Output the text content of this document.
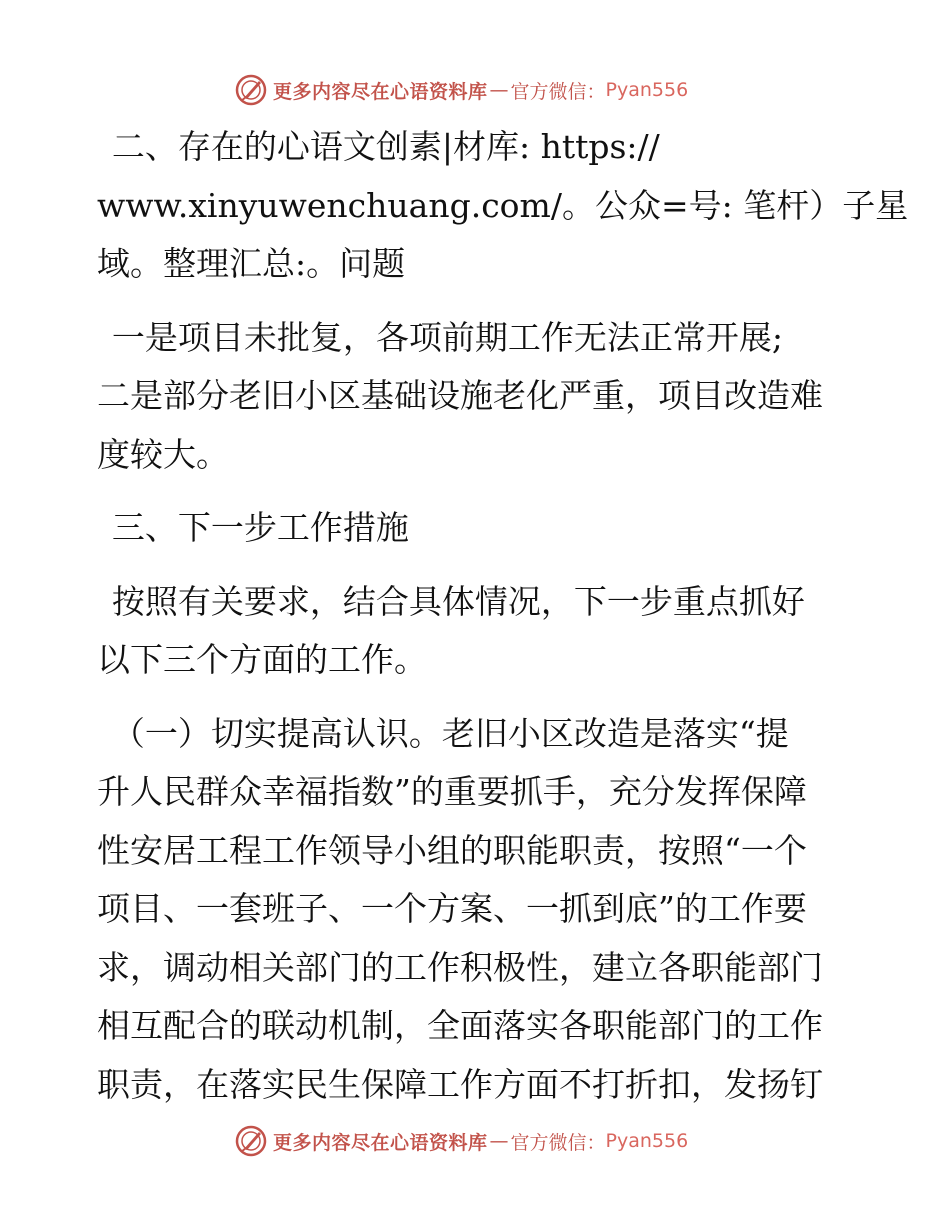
更多内容尽在心语资料库 — 官方微信： Pyan556

二、存在的心语文创素|材库: https://
www.xinyuwenchuang.com/。公众=号: 笔杆）子星
域。整理汇总:。问题

一是项目未批复，各项前期工作无法正常开展;
二是部分老旧小区基础设施老化严重，项目改造难
度较大。

三、下一步工作措施

按照有关要求，结合具体情况，下一步重点抓好
以下三个方面的工作。

（一）切实提高认识。老旧小区改造是落实“提
升人民群众幸福指数”的重要抓手，充分发挥保障
性安居工程工作领导小组的职能职责，按照“一个
项目、一套班子、一个方案、一抓到底”的工作要
求，调动相关部门的工作积极性，建立各职能部门
相互配合的联动机制，全面落实各职能部门的工作
职责，在落实民生保障工作方面不打折扣，发扬钉

更多内容尽在心语资料库 — 官方微信： Pyan556
